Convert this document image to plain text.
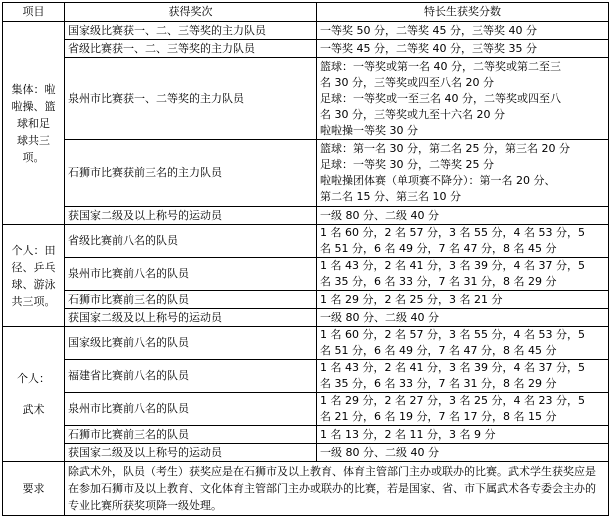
项目	获得奖次	特长生获奖分数

集体：啦
啦操、篮
球和足
球共三
项。	国家级比赛获一、二、三等奖的主力队员	一等奖 50 分，二等奖 45 分，三等奖 40 分

	省级比赛获一、二、三等奖的主力队员	一等奖 45 分，二等奖 40 分，三等奖 35 分

	泉州市比赛获一、二等奖的主力队员	篮球：一等奖或第一名 40 分，二等奖或第二至三
名 30 分，三等奖或四至八名 20 分
足球：一等奖或一至三名 40 分，二等奖或四至八
名 30 分，三等奖或九至十六名 20 分
啦啦操一等奖 30 分

	石狮市比赛获前三名的主力队员	篮球：第一名 30 分，第二名 25 分，第三名 20 分
足球：一等奖 30 分，二等奖 25 分
啦啦操团体赛（单项赛不降分）：第一名 20 分、
第二名 15 分、第三名 10 分

	获国家二级及以上称号的运动员	一级 80 分、二级 40 分

个人：田
径、乒乓
球、游泳
共三项。	省级比赛前八名的队员	1 名 60 分，2 名 57 分，3 名 55 分，4 名 53 分，5
名 51 分，6 名 49 分，7 名 47 分，8 名 45 分

	泉州市比赛前八名的队员	1 名 43 分，2 名 41 分，3 名 39 分，4 名 37 分，5
名 35 分，6 名 33 分，7 名 31 分，8 名 29 分

	石狮市比赛前三名的队员	1 名 29 分，2 名 25 分，3 名 21 分

	获国家二级及以上称号的运动员	一级 80 分、二级 40 分

个人：
武术	国家级比赛前八名的队员	1 名 60 分，2 名 57 分，3 名 55 分，4 名 53 分，5
名 51 分，6 名 49 分，7 名 47 分，8 名 45 分

	福建省比赛前八名的队员	1 名 43 分，2 名 41 分，3 名 39 分，4 名 37 分，5
名 35 分，6 名 33 分，7 名 31 分，8 名 29 分

	泉州市比赛前八名的队员	1 名 29 分，2 名 27 分，3 名 25 分，4 名 23 分，5
名 21 分，6 名 19 分，7 名 17 分，8 名 15 分

	石狮市比赛前三名的队员	1 名 13 分，2 名 11 分，3 名 9 分

	获国家二级及以上称号的运动员	一级 80 分、二级 40 分

要求	除武术外，队员（考生）获奖应是在石狮市及以上教育、体育主管部门主办或联办的比赛。武术学生获奖应是在参加石狮市及以上教育、文化体育主管部门主办或联办的比赛，若是国家、省、市下属武术各专委会主办的专业比赛所获奖项降一级处理。	
